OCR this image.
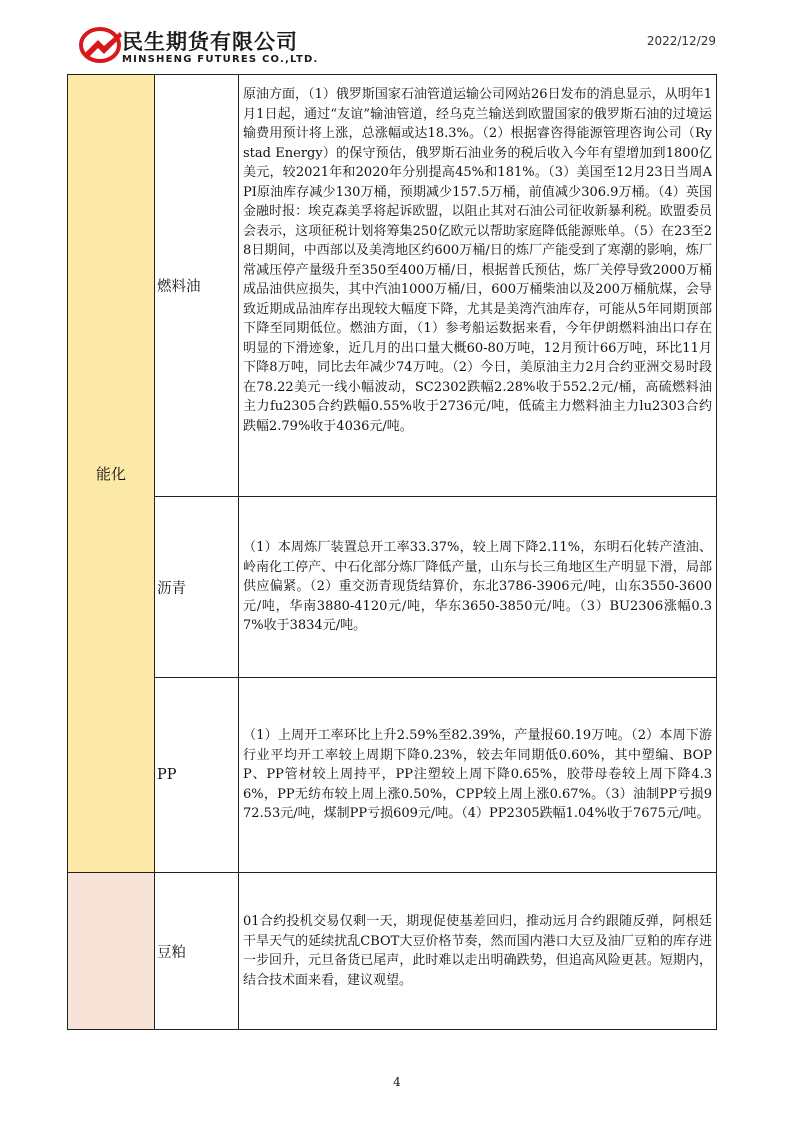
民生期货有限公司
MINSHENG FUTURES CO.,LTD.
2022/12/29
能化	燃料油	原油方面，（1）俄罗斯国家石油管道运输公司网站26日发布的消息显示，从明年1月1日起，通过“友谊”输油管道，经乌克兰输送到欧盟国家的俄罗斯石油的过境运输费用预计将上涨，总涨幅或达18.3%。（2）根据睿咨得能源管理咨询公司（Rystad Energy）的保守预估，俄罗斯石油业务的税后收入今年有望增加到1800亿美元，较2021年和2020年分别提高45%和181%。（3）美国至12月23日当周API原油库存减少130万桶，预期减少157.5万桶，前值减少306.9万桶。（4）英国金融时报：埃克森美孚将起诉欧盟，以阻止其对石油公司征收新暴利税。欧盟委员会表示，这项征税计划将筹集250亿欧元以帮助家庭降低能源账单。（5）在23至28日期间，中西部以及美湾地区约600万桶/日的炼厂产能受到了寒潮的影响，炼厂常减压停产量级升至350至400万桶/日，根据普氏预估，炼厂关停导致2000万桶成品油供应损失，其中汽油1000万桶/日，600万桶柴油以及200万桶航煤，会导致近期成品油库存出现较大幅度下降，尤其是美湾汽油库存，可能从5年同期顶部下降至同期低位。燃油方面，（1）参考船运数据来看，今年伊朗燃料油出口存在明显的下滑迹象，近几月的出口量大概60-80万吨，12月预计66万吨，环比11月下降8万吨，同比去年减少74万吨。（2）今日，美原油主力2月合约亚洲交易时段在78.22美元一线小幅波动，SC2302跌幅2.28%收于552.2元/桶，高硫燃料油主力fu2305合约跌幅0.55%收于2736元/吨，低硫主力燃料油主力lu2303合约跌幅2.79%收于4036元/吨。

	沥青	（1）本周炼厂装置总开工率33.37%，较上周下降2.11%，东明石化转产渣油、岭南化工停产、中石化部分炼厂降低产量，山东与长三角地区生产明显下滑，局部供应偏紧。（2）重交沥青现货结算价，东北3786-3906元/吨，山东3550-3600元/吨，华南3880-4120元/吨，华东3650-3850元/吨。（3）BU2306涨幅0.37%收于3834元/吨。

	PP	（1）上周开工率环比上升2.59%至82.39%，产量报60.19万吨。（2）本周下游行业平均开工率较上周期下降0.23%，较去年同期低0.60%，其中塑编、BOPP、PP管材较上周持平，PP注塑较上周下降0.65%，胶带母卷较上周下降4.36%，PP无纺布较上周上涨0.50%，CPP较上周上涨0.67%。（3）油制PP亏损972.53元/吨，煤制PP亏损609元/吨。（4）PP2305跌幅1.04%收于7675元/吨。

	豆粕	01合约投机交易仅剩一天，期现促使基差回归，推动远月合约跟随反弹，阿根廷干旱天气的延续扰乱CBOT大豆价格节奏，然而国内港口大豆及油厂豆粕的库存进一步回升，元旦备货已尾声，此时难以走出明确跌势，但追高风险更甚。短期内，结合技术面来看，建议观望。
4
